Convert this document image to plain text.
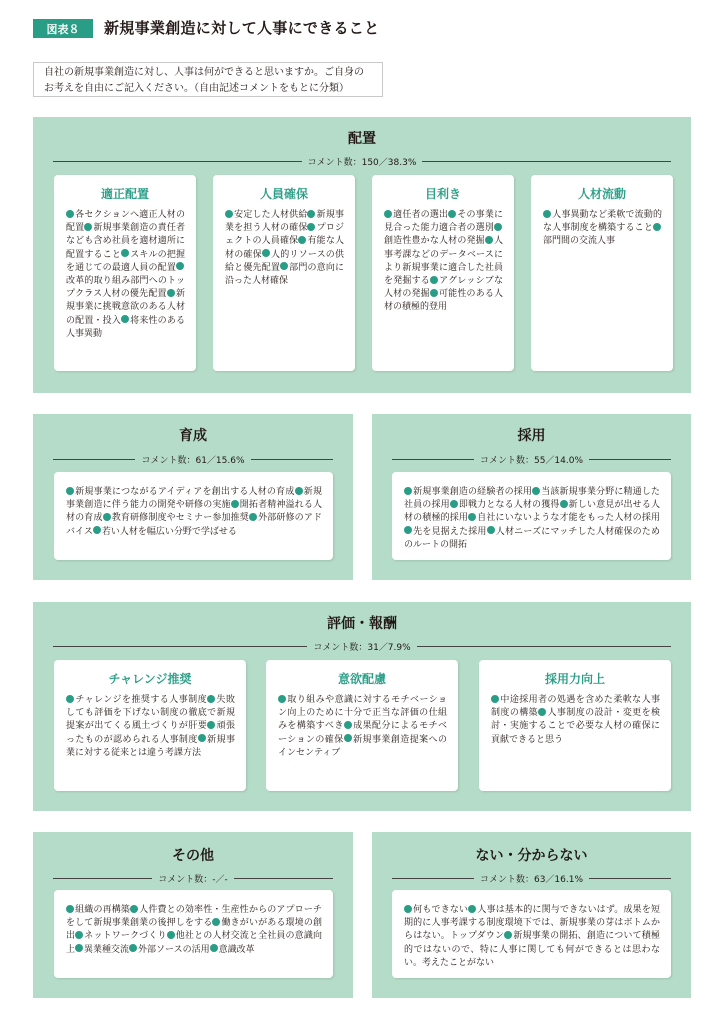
図表８	新規事業創造に対して人事にできること
自社の新規事業創造に対し、人事は何ができると思いますか。ご自身の
お考えを自由にご記入ください。（自由記述コメントをもとに分類）
配置
コメント数：150／38.3%
適正配置
各セクションへ適正人材の配置 新規事業創造の責任者なども含め社員を適材適所に配置すること スキルの把握を通じての最適人員の配置改革的取り組み部門へのトップクラス人材の優先配置 新規事業に挑戦意欲のある人材の配置・投入 将来性のある人事異動
人員確保
安定した人材供給 新規事業を担う人材の確保 プロジェクトの人員確保 有能な人材の確保 人的リソースの供給と優先配置 部門の意向に沿った人材確保
目利き
適任者の選出 その事業に見合った能力適合者の選別創造性豊かな人材の発掘 人事考課などのデータベースにより新規事業に適合した社員を発掘する アグレッシブな人材の発掘 可能性のある人材の積極的登用
人材流動
人事異動など柔軟で流動的な人事制度を構築すること部門間の交流人事
育成
コメント数：61／15.6%
新規事業につながるアイディアを創出する人材の育成 新規事業創造に伴う能力の開発や研修の実施 開拓者精神溢れる人材の育成 教育研修制度やセミナー参加推奨 外部研修のアドバイス 若い人材を幅広い分野で学ばせる
採用
コメント数：55／14.0%
新規事業創造の経験者の採用 当該新規事業分野に精通した社員の採用 即戦力となる人材の獲得 新しい意見が出せる人材の積極的採用 自社にいないような才能をもった人材の採用先を見据えた採用 人材ニーズにマッチした人材確保のためのルートの開拓
評価・報酬
コメント数：31／7.9%
チャレンジ推奨
チャレンジを推奨する人事制度 失敗しても評価を下げない制度の徹底で新規提案が出てくる風土づくりが肝要 頑張ったものが認められる人事制度 新規事業に対する従来とは違う考課方法
意欲配慮
取り組みや意識に対するモチベーション向上のために十分で正当な評価の仕組みを構築すべき 成果配分によるモチベーションの確保 新規事業創造提案へのインセンティブ
採用力向上
中途採用者の処遇を含めた柔軟な人事制度の構築 人事制度の設計・変更を検討・実施することで必要な人材の確保に貢献できると思う
その他
コメント数：-／-
組織の再構築 人件費との効率性・生産性からのアプローチをして新規事業創業の後押しをする 働きがいがある環境の創出 ネットワークづくり 他社との人材交流と全社員の意識向上 異業種交流 外部ソースの活用 意識改革
ない・分からない
コメント数：63／16.1%
何もできない 人事は基本的に関与できないはず。成果を短期的に人事考課する制度環境下では、新規事業の芽はボトムからはない。トップダウン 新規事業の開拓、創造について積極的ではないので、特に人事に関しても何ができるとは思わない。考えたことがない
